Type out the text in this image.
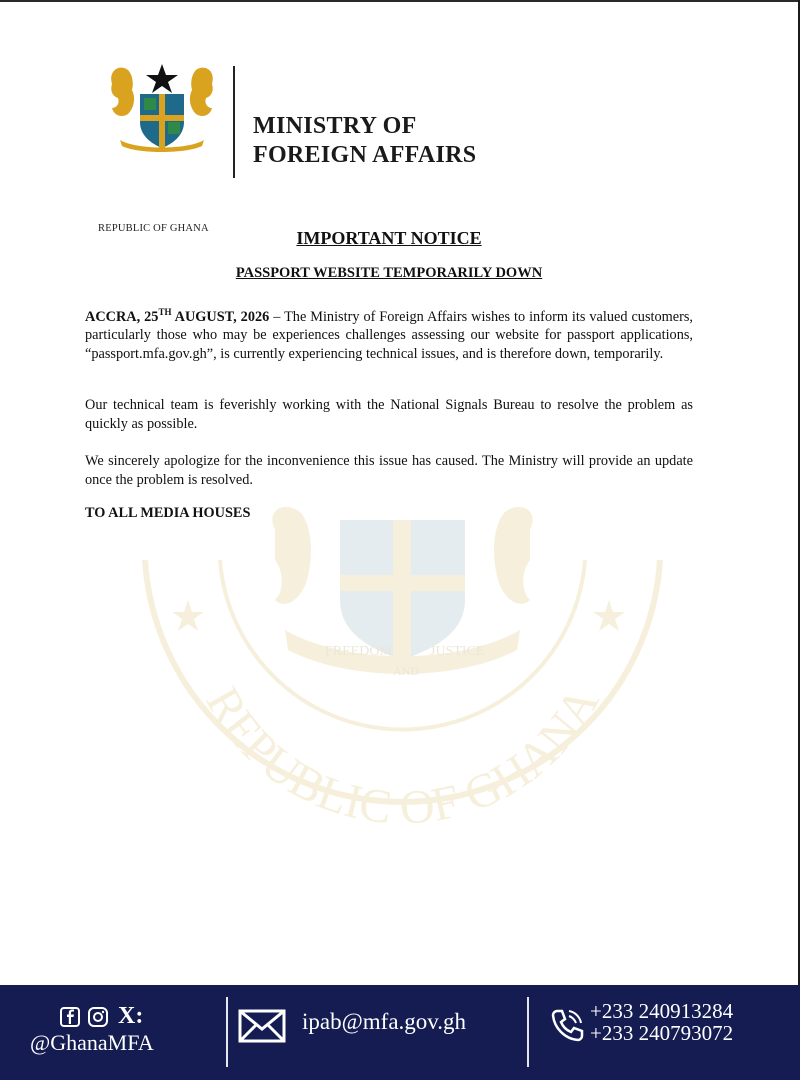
REPUBLIC OF GHANA
MINISTRY OF
FOREIGN AFFAIRS
REPUBLIC OF GHANA
FREEDOM
AND
JUSTICE
IMPORTANT NOTICE
PASSPORT WEBSITE TEMPORARILY DOWN
ACCRA, 25TH AUGUST, 2026 – The Ministry of Foreign Affairs wishes to inform its valued customers, particularly those who may be experiences challenges assessing our website for passport applications, “passport.mfa.gov.gh”, is currently experiencing technical issues, and is therefore down, temporarily.
Our technical team is feverishly working with the National Signals Bureau to resolve the problem as quickly as possible.
We sincerely apologize for the inconvenience this issue has caused. The Ministry will provide an update once the problem is resolved.
TO ALL MEDIA HOUSES
X:
@GhanaMFA
ipab@mfa.gov.gh	+233 240913284
+233 240793072
